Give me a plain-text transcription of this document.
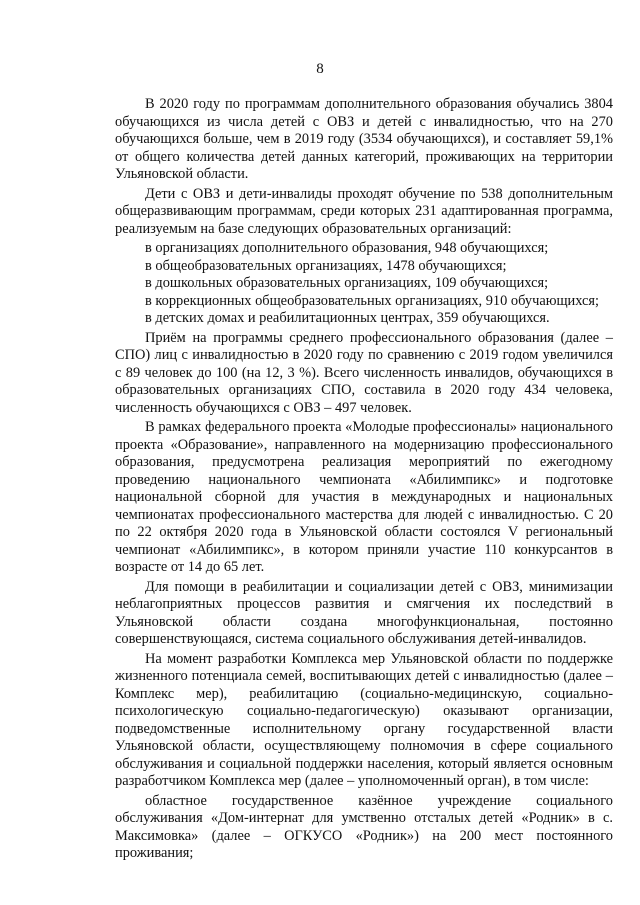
8

В 2020 году по программам дополнительного образования обучались 3804 обучающихся из числа детей с ОВЗ и детей с инвалидностью, что на 270 обучающихся больше, чем в 2019 году (3534 обучающихся), и составляет 59,1% от общего количества детей данных категорий, проживающих на территории Ульяновской области.

Дети с ОВЗ и дети-инвалиды проходят обучение по 538 дополнительным общеразвивающим программам, среди которых 231 адаптированная программа, реализуемым на базе следующих образовательных организаций:

в организациях дополнительного образования, 948 обучающихся;

в общеобразовательных организациях, 1478 обучающихся;

в дошкольных образовательных организациях, 109 обучающихся;

в коррекционных общеобразовательных организациях, 910 обучающихся;

в детских домах и реабилитационных центрах, 359 обучающихся.

Приём на программы среднего профессионального образования (далее – СПО) лиц с инвалидностью в 2020 году по сравнению с 2019 годом увеличился с 89 человек до 100 (на 12, 3 %). Всего численность инвалидов, обучающихся в образовательных организациях СПО, составила в 2020 году 434 человека, численность обучающихся с ОВЗ – 497 человек.

В рамках федерального проекта «Молодые профессионалы» национального проекта «Образование», направленного на модернизацию профессионального образования, предусмотрена реализация мероприятий по ежегодному проведению национального чемпионата «Абилимпикс» и подготовке национальной сборной для участия в международных и национальных чемпионатах профессионального мастерства для людей с инвалидностью. С 20 по 22 октября 2020 года в Ульяновской области состоялся V региональный чемпионат «Абилимпикс», в котором приняли участие 110 конкурсантов в возрасте от 14 до 65 лет.

Для помощи в реабилитации и социализации детей с ОВЗ, минимизации неблагоприятных процессов развития и смягчения их последствий в Ульяновской области создана многофункциональная, постоянно совершенствующаяся, система социального обслуживания детей-инвалидов.

На момент разработки Комплекса мер Ульяновской области по поддержке жизненного потенциала семей, воспитывающих детей с инвалидностью (далее – Комплекс мер), реабилитацию (социально-медицинскую, социально-психологическую социально-педагогическую) оказывают организации, подведомственные исполнительному органу государственной власти Ульяновской области, осуществляющему полномочия в сфере социального обслуживания и социальной поддержки населения, который является основным разработчиком Комплекса мер (далее – уполномоченный орган), в том числе:

областное государственное казённое учреждение социального обслуживания «Дом-интернат для умственно отсталых детей «Родник» в с. Максимовка» (далее – ОГКУСО «Родник») на 200 мест постоянного проживания;
